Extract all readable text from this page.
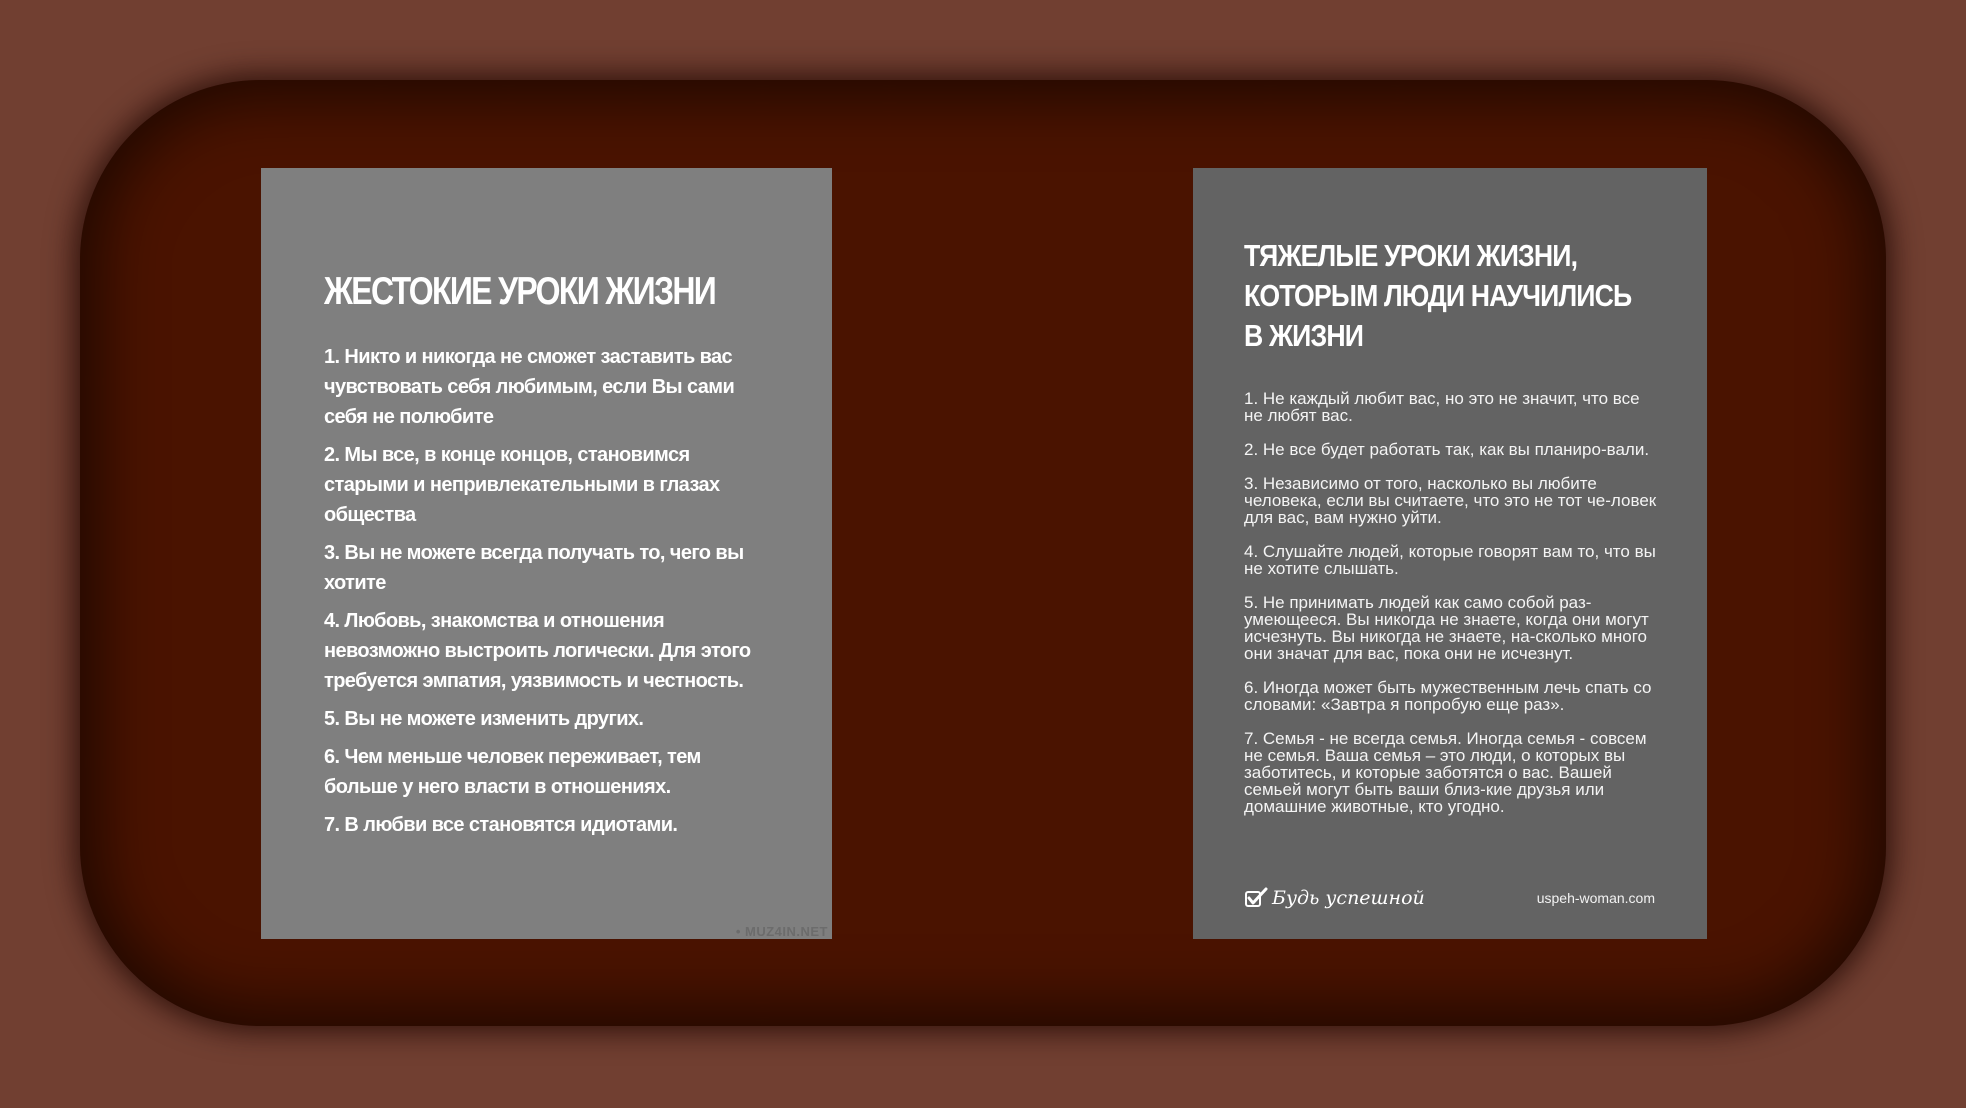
ЖЕСТОКИЕ УРОКИ ЖИЗНИ
1. Никто и никогда не сможет заставить вас чувствовать себя любимым, если Вы сами себя не полюбите
2. Мы все, в конце концов, становимся старыми и непривлекательными в глазах общества
3. Вы не можете всегда получать то, чего вы хотите
4. Любовь, знакомства и отношения невозможно выстроить логически. Для этого требуется эмпатия, уязвимость и честность.
5. Вы не можете изменить других.
6. Чем меньше человек переживает, тем больше у него власти в отношениях.
7. В любви все становятся идиотами.
• MUZ4IN.NET
ТЯЖЕЛЫЕ УРОКИ ЖИЗНИ, КОТОРЫМ ЛЮДИ НАУЧИЛИСЬ В ЖИЗНИ
1. Не каждый любит вас, но это не значит, что все не любят вас.
2. Не все будет работать так, как вы планиро-вали.
3. Независимо от того, насколько вы любите человека, если вы считаете, что это не тот че-ловек для вас, вам нужно уйти.
4. Слушайте людей, которые говорят вам то, что вы не хотите слышать.
5. Не принимать людей как само собой раз-умеющееся. Вы никогда не знаете, когда они могут исчезнуть. Вы никогда не знаете, на-сколько много они значат для вас, пока они не исчезнут.
6. Иногда может быть мужественным лечь спать со словами: «Завтра я попробую еще раз».
7. Семья - не всегда семья. Иногда семья - совсем не семья. Ваша семья – это люди, о которых вы заботитесь, и которые заботятся о вас. Вашей семьей могут быть ваши близ-кие друзья или домашние животные, кто угодно.
Будь успешной	uspeh-woman.com
